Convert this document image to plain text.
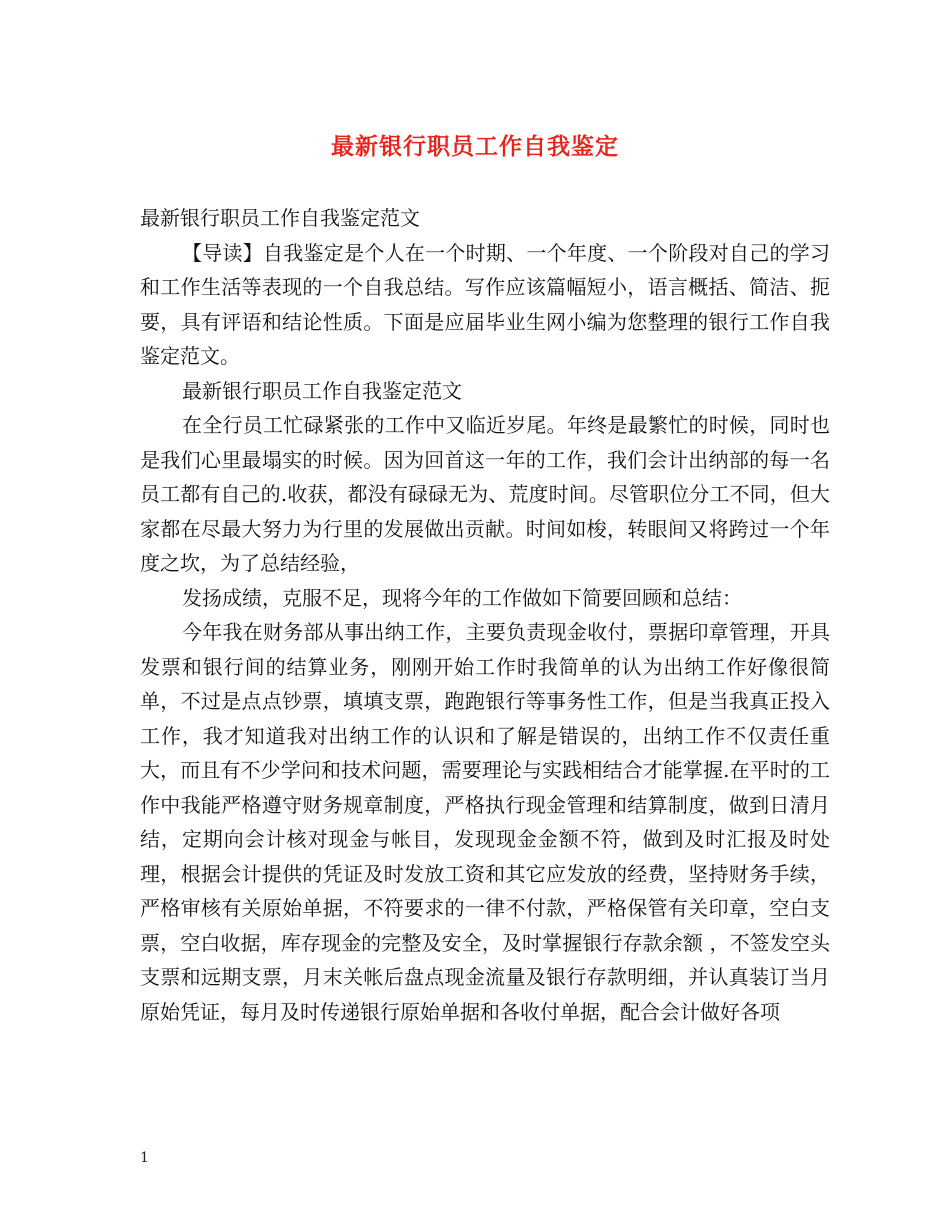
最新银行职员工作自我鉴定

最新银行职员工作自我鉴定范文

【导读】自我鉴定是个人在一个时期、一个年度、一个阶段对自己的学习和工作生活等表现的一个自我总结。写作应该篇幅短小，语言概括、简洁、扼要，具有评语和结论性质。下面是应届毕业生网小编为您整理的银行工作自我鉴定范文。

最新银行职员工作自我鉴定范文

在全行员工忙碌紧张的工作中又临近岁尾。年终是最繁忙的时候，同时也是我们心里最塌实的时候。因为回首这一年的工作，我们会计出纳部的每一名员工都有自己的.收获，都没有碌碌无为、荒度时间。尽管职位分工不同，但大家都在尽最大努力为行里的发展做出贡献。时间如梭，转眼间又将跨过一个年度之坎，为了总结经验，

发扬成绩，克服不足，现将今年的工作做如下简要回顾和总结：

今年我在财务部从事出纳工作，主要负责现金收付，票据印章管理，开具发票和银行间的结算业务，刚刚开始工作时我简单的认为出纳工作好像很简单，不过是点点钞票，填填支票，跑跑银行等事务性工作，但是当我真正投入工作，我才知道我对出纳工作的认识和了解是错误的，出纳工作不仅责任重大，而且有不少学问和技术问题，需要理论与实践相结合才能掌握.在平时的工作中我能严格遵守财务规章制度，严格执行现金管理和结算制度，做到日清月结，定期向会计核对现金与帐目，发现现金金额不符，做到及时汇报及时处理，根据会计提供的凭证及时发放工资和其它应发放的经费，坚持财务手续，严格审核有关原始单据，不符要求的一律不付款，严格保管有关印章，空白支票，空白收据，库存现金的完整及安全，及时掌握银行存款余额 ，不签发空头支票和远期支票，月末关帐后盘点现金流量及银行存款明细，并认真装订当月原始凭证，每月及时传递银行原始单据和各收付单据，配合会计做好各项

1
